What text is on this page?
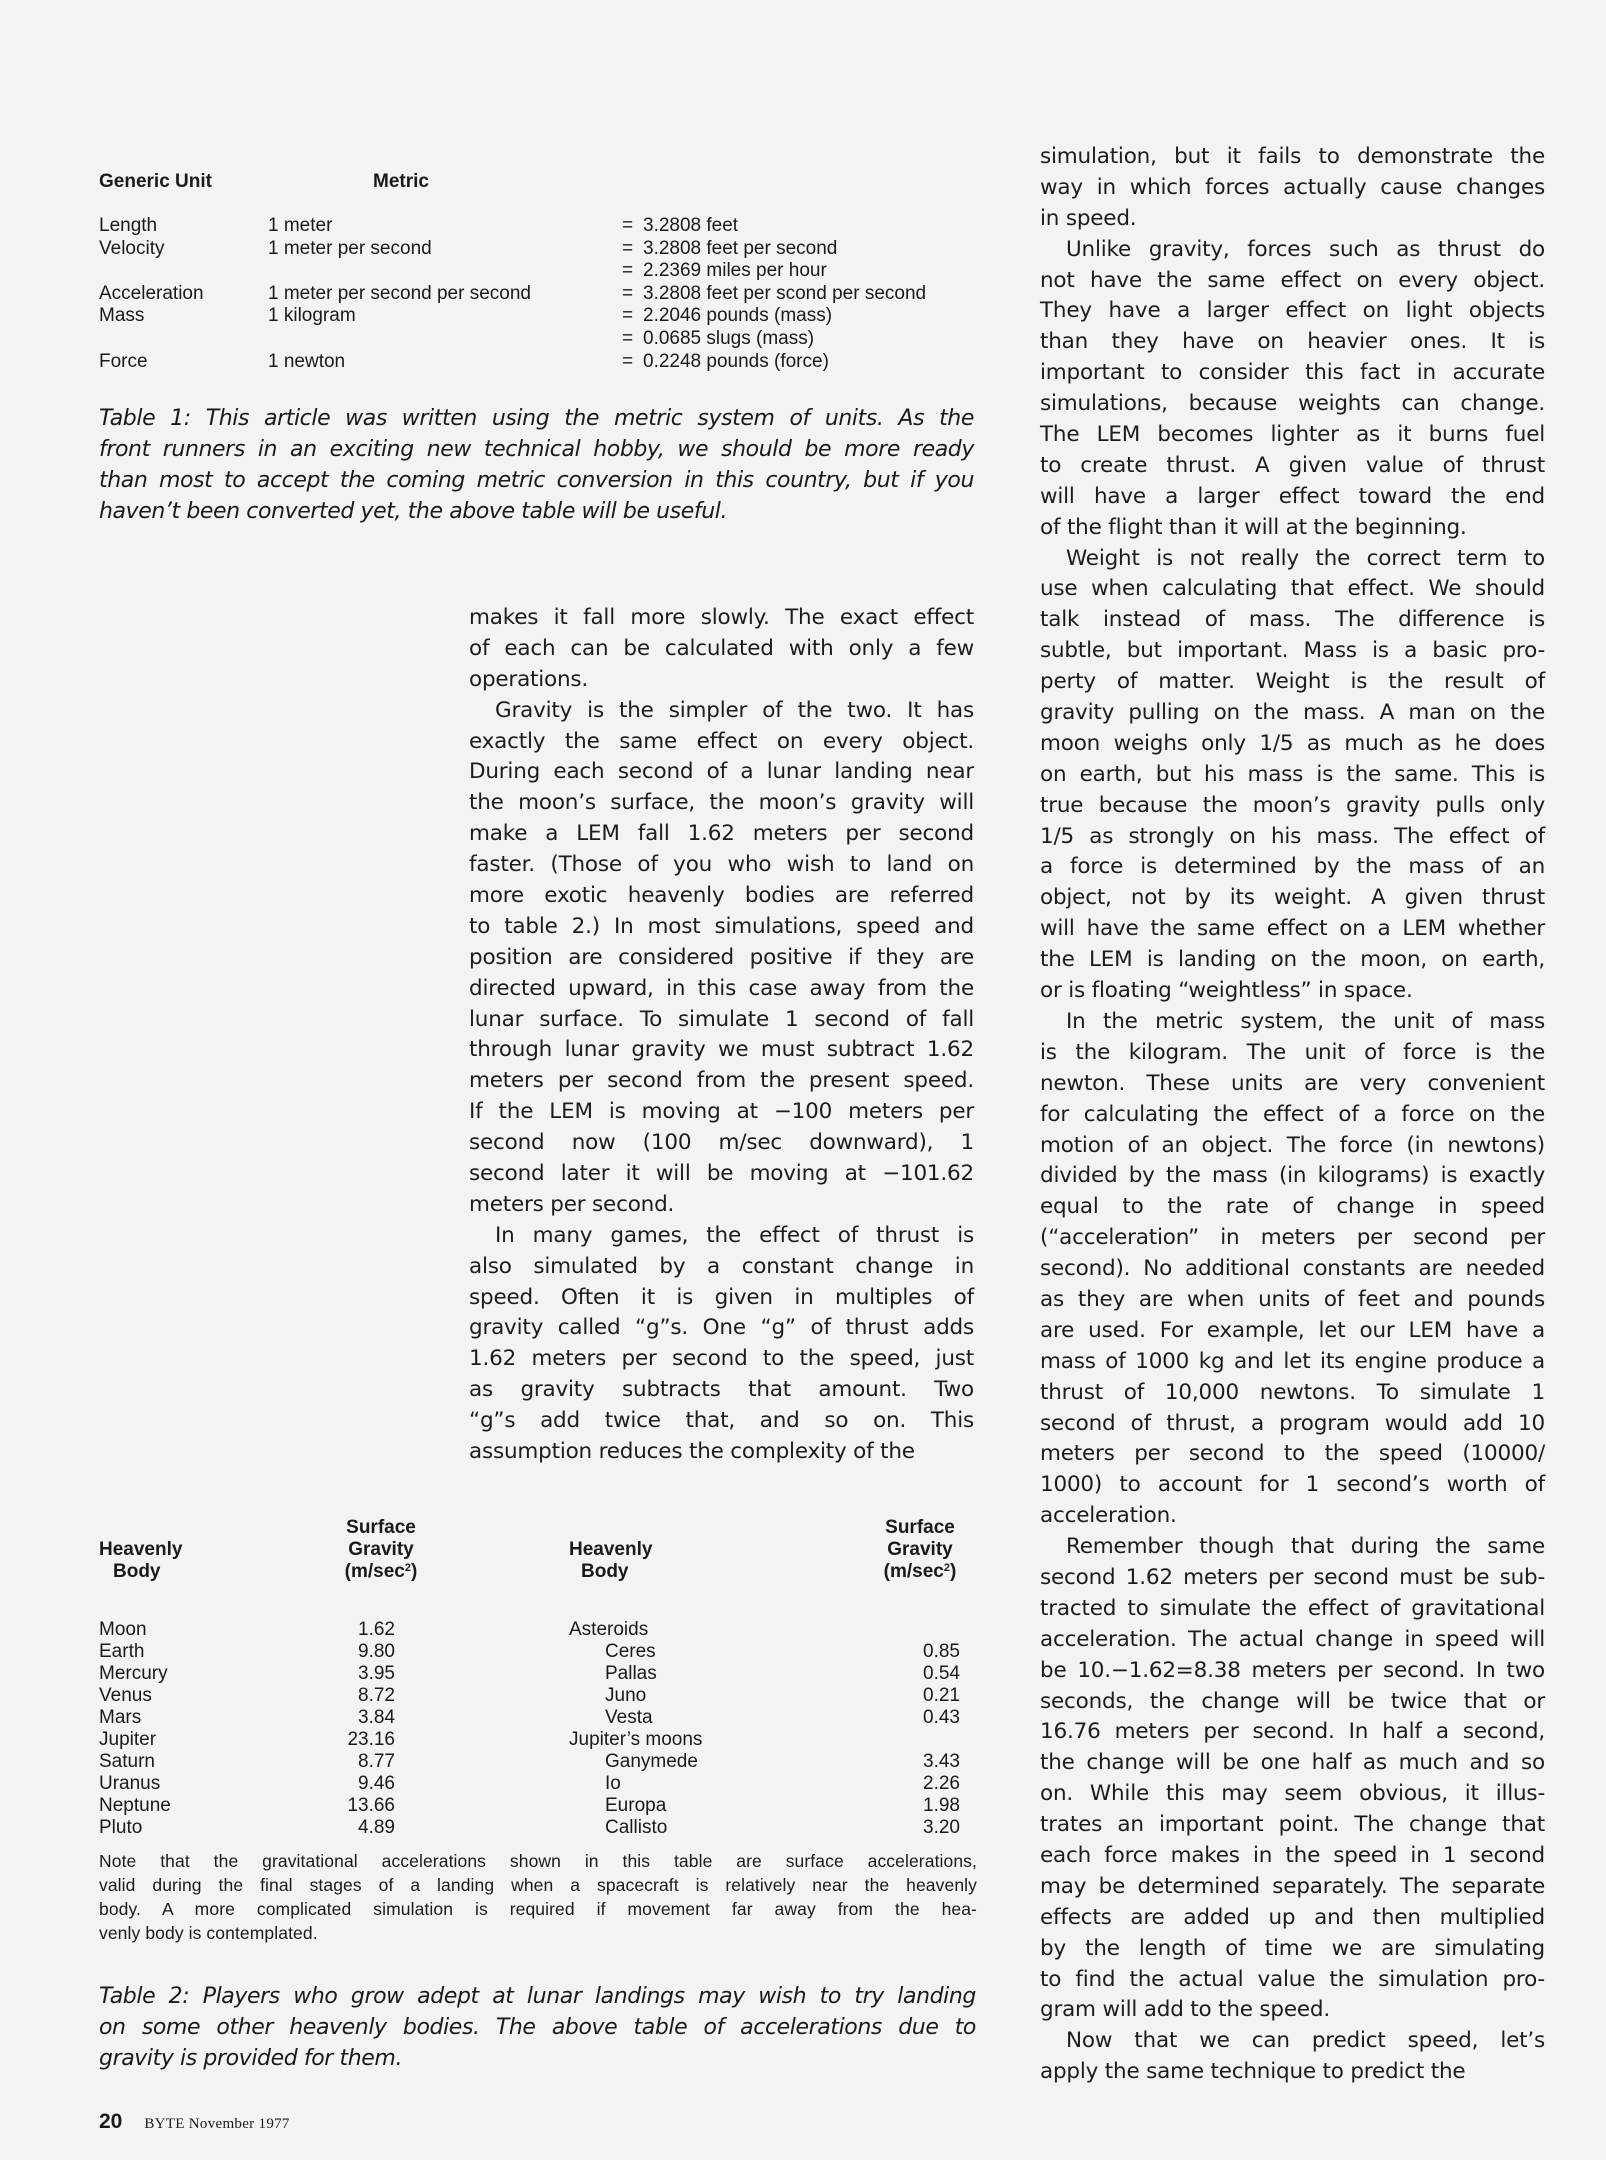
Generic Unit	Metric
Length	1 meter	= 3.2808 feet
Velocity	1 meter per second	= 3.2808 feet per second
= 2.2369 miles per hour
Acceleration	1 meter per second per second	= 3.2808 feet per scond per second
Mass	1 kilogram	= 2.2046 pounds (mass)
= 0.0685 slugs (mass)
Force	1 newton	= 0.2248 pounds (force)
Table 1: This article was written using the metric system of units. As the
front runners in an exciting new technical hobby, we should be more ready
than most to accept the coming metric conversion in this country, but if you
haven’t been converted yet, the above table will be useful.
makes it fall more slowly. The exact effect
of each can be calculated with only a few
operations.
Gravity is the simpler of the two. It has
exactly the same effect on every object.
During each second of a lunar landing near
the moon’s surface, the moon’s gravity will
make a LEM fall 1.62 meters per second
faster. (Those of you who wish to land on
more exotic heavenly bodies are referred
to table 2.) In most simulations, speed and
position are considered positive if they are
directed upward, in this case away from the
lunar surface. To simulate 1 second of fall
through lunar gravity we must subtract 1.62
meters per second from the present speed.
If the LEM is moving at −100 meters per
second now (100 m/sec downward), 1
second later it will be moving at −101.62
meters per second.
In many games, the effect of thrust is
also simulated by a constant change in
speed. Often it is given in multiples of
gravity called “g”s. One “g” of thrust adds
1.62 meters per second to the speed, just
as gravity subtracts that amount. Two
“g”s add twice that, and so on. This
assumption reduces the complexity of the
simulation, but it fails to demonstrate the
way in which forces actually cause changes
in speed.
Unlike gravity, forces such as thrust do
not have the same effect on every object.
They have a larger effect on light objects
than they have on heavier ones. It is
important to consider this fact in accurate
simulations, because weights can change.
The LEM becomes lighter as it burns fuel
to create thrust. A given value of thrust
will have a larger effect toward the end
of the flight than it will at the beginning.
Weight is not really the correct term to
use when calculating that effect. We should
talk instead of mass. The difference is
subtle, but important. Mass is a basic pro-
perty of matter. Weight is the result of
gravity pulling on the mass. A man on the
moon weighs only 1/5 as much as he does
on earth, but his mass is the same. This is
true because the moon’s gravity pulls only
1/5 as strongly on his mass. The effect of
a force is determined by the mass of an
object, not by its weight. A given thrust
will have the same effect on a LEM whether
the LEM is landing on the moon, on earth,
or is floating “weightless” in space.
In the metric system, the unit of mass
is the kilogram. The unit of force is the
newton. These units are very convenient
for calculating the effect of a force on the
motion of an object. The force (in newtons)
divided by the mass (in kilograms) is exactly
equal to the rate of change in speed
(“acceleration” in meters per second per
second). No additional constants are needed
as they are when units of feet and pounds
are used. For example, let our LEM have a
mass of 1000 kg and let its engine produce a
thrust of 10,000 newtons. To simulate 1
second of thrust, a program would add 10
meters per second to the speed (10000/
1000) to account for 1 second’s worth of
acceleration.
Remember though that during the same
second 1.62 meters per second must be sub-
tracted to simulate the effect of gravitational
acceleration. The actual change in speed will
be 10.−1.62=8.38 meters per second. In two
seconds, the change will be twice that or
16.76 meters per second. In half a second,
the change will be one half as much and so
on. While this may seem obvious, it illus-
trates an important point. The change that
each force makes in the speed in 1 second
may be determined separately. The separate
effects are added up and then multiplied
by the length of time we are simulating
to find the actual value the simulation pro-
gram will add to the speed.
Now that we can predict speed, let’s
apply the same technique to predict the
Heavenly
Body
Surface
Gravity
$(m/\sec^2)$
Heavenly
Body
Surface
Gravity
$(m/\sec^2)$
Moon	1.62
Earth	9.80
Mercury	3.95
Venus	8.72
Mars	3.84
Jupiter	23.16
Saturn	8.77
Uranus	9.46
Neptune	13.66
Pluto	4.89
Asteroids
Ceres	0.85
Pallas	0.54
Juno	0.21
Vesta	0.43
Jupiter’s moons
Ganymede	3.43
Io	2.26
Europa	1.98
Callisto	3.20
Note that the gravitational accelerations shown in this table are surface accelerations,
valid during the final stages of a landing when a spacecraft is relatively near the heavenly
body. A more complicated simulation is required if movement far away from the hea-
venly body is contemplated.
Table 2: Players who grow adept at lunar landings may wish to try landing
on some other heavenly bodies. The above table of accelerations due to
gravity is provided for them.
20 BYTE November 1977
